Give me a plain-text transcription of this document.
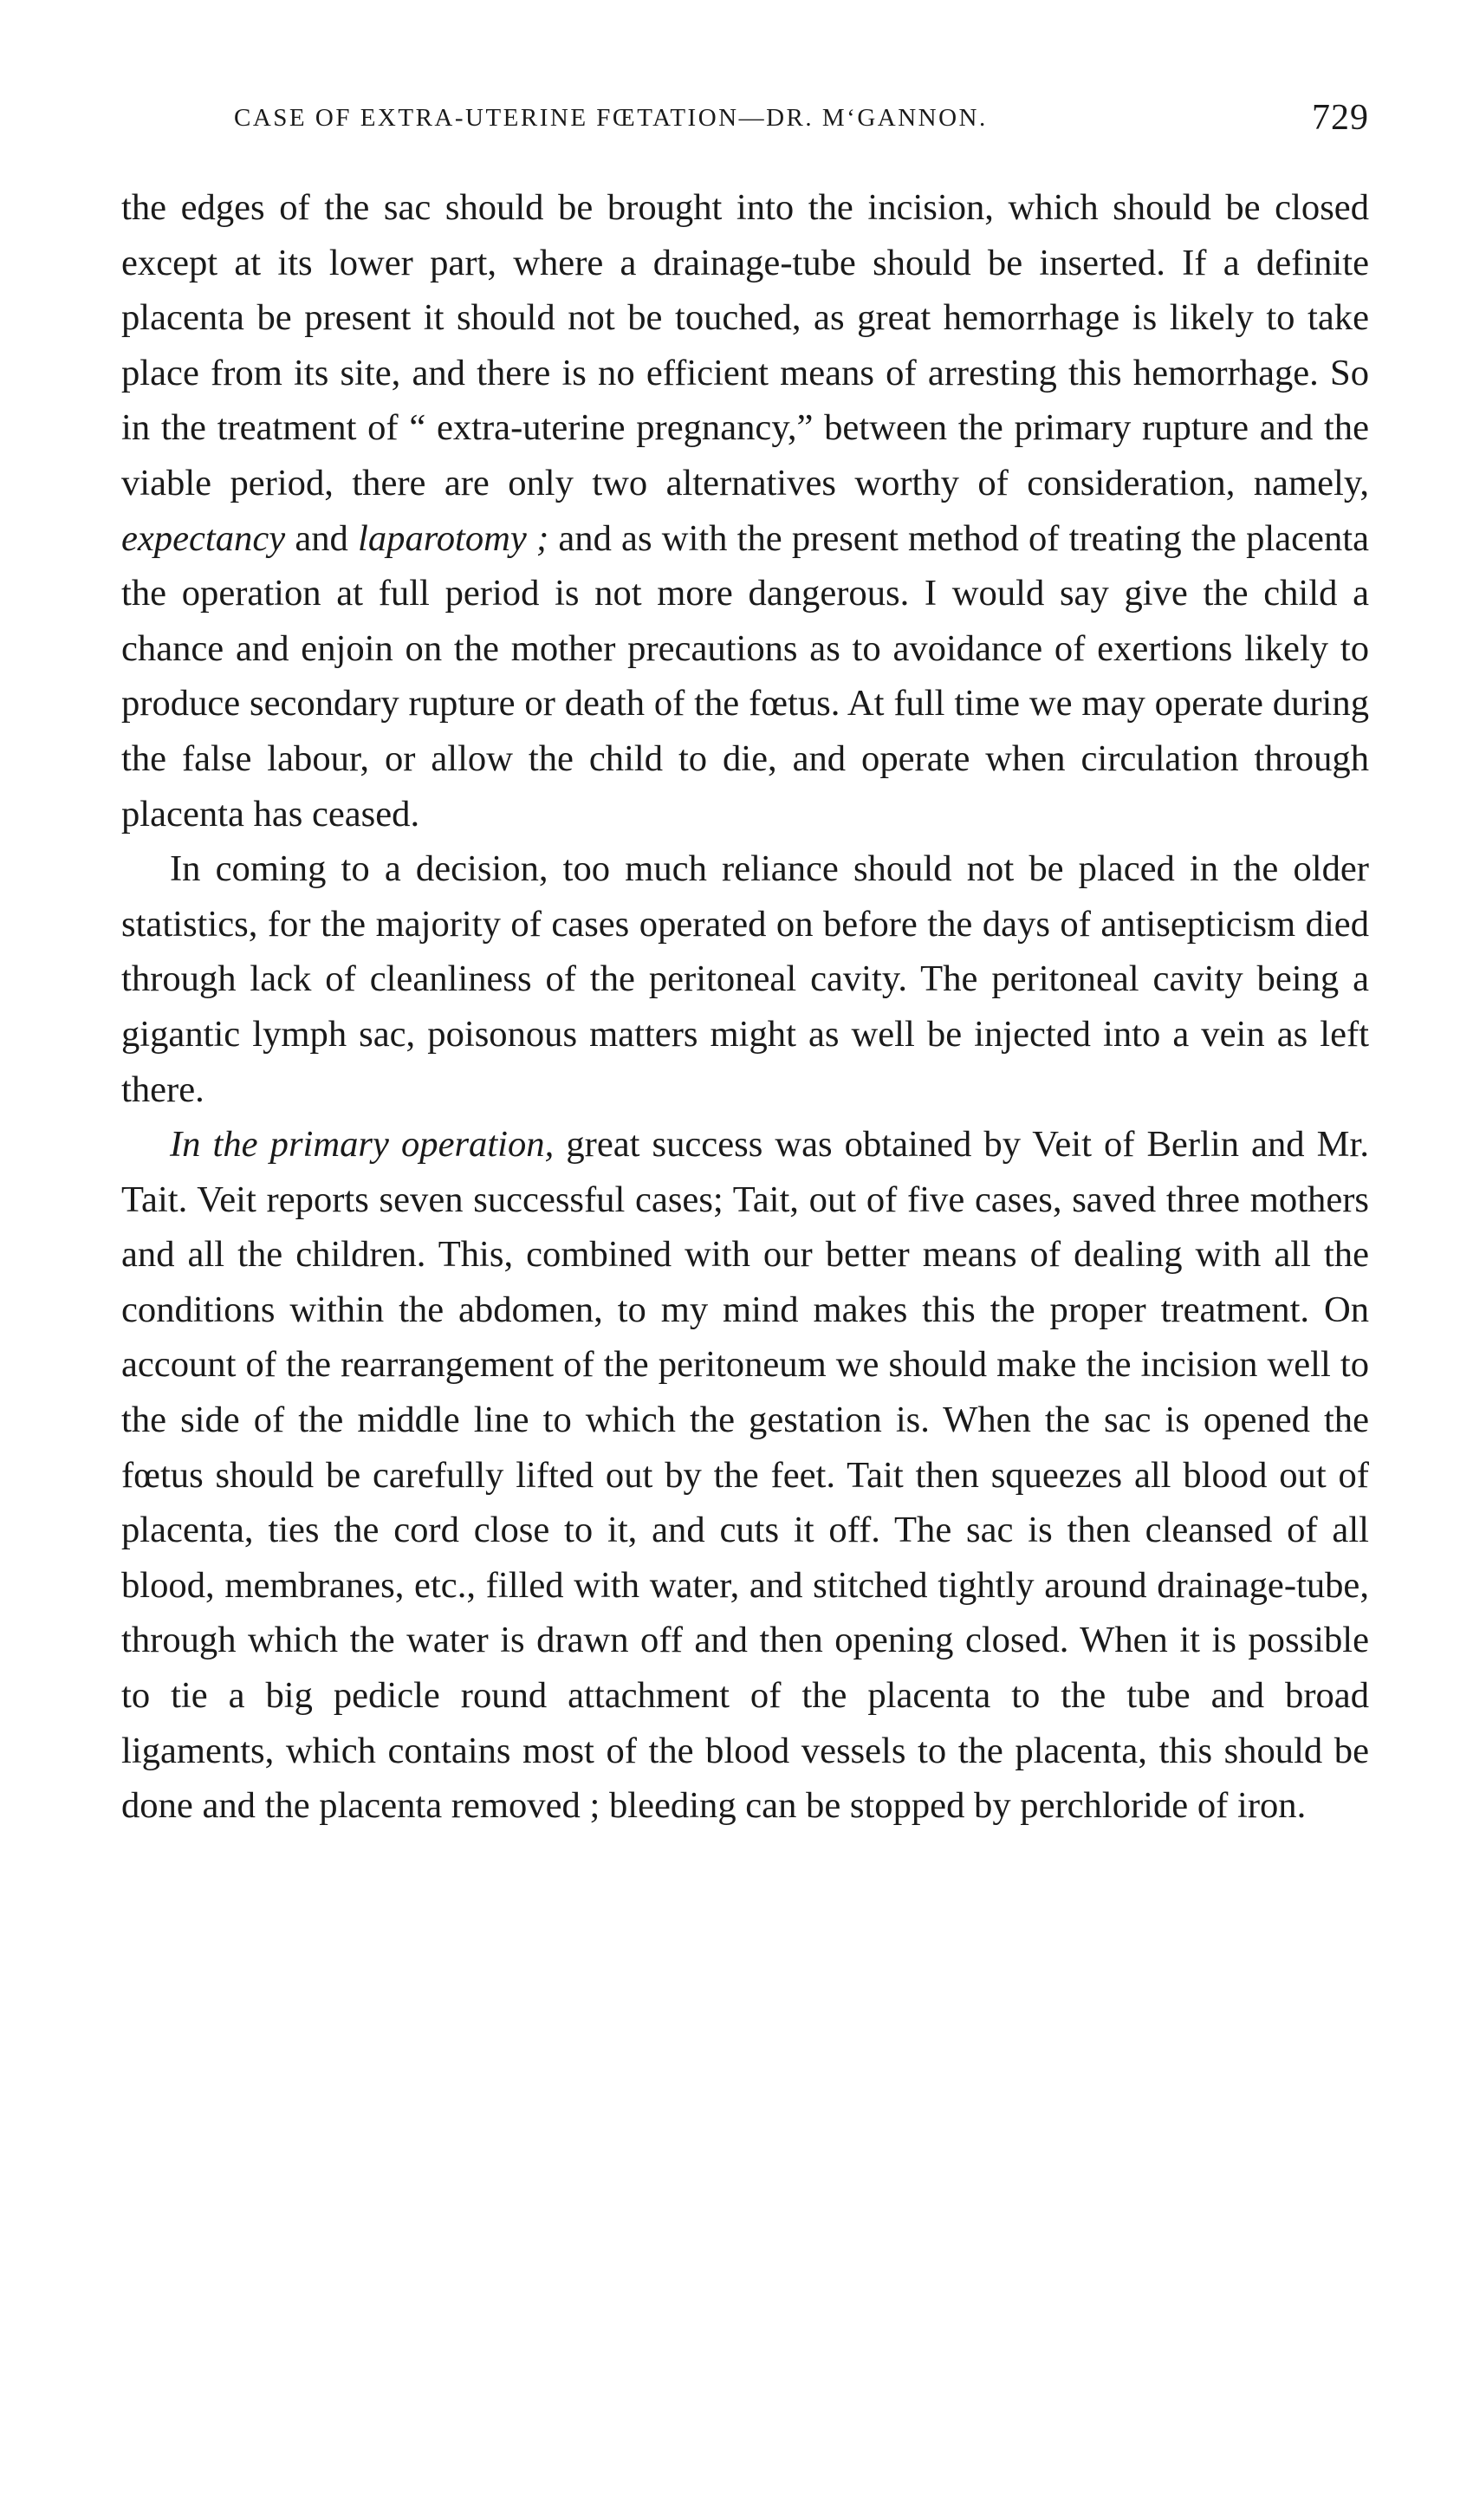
CASE OF EXTRA-UTERINE FŒTATION—DR. M‘GANNON.	729

the edges of the sac should be brought into the incision, which should be closed except at its lower part, where a drainage-tube should be inserted. If a definite placenta be present it should not be touched, as great hemorrhage is likely to take place from its site, and there is no efficient means of arresting this hemorrhage. So in the treatment of “ extra-uterine pregnancy,” between the primary rupture and the viable period, there are only two alternatives worthy of consideration, namely, expectancy and laparotomy ; and as with the present method of treating the placenta the operation at full period is not more dangerous. I would say give the child a chance and enjoin on the mother precautions as to avoidance of exertions likely to produce secondary rupture or death of the fœtus. At full time we may operate during the false labour, or allow the child to die, and operate when circulation through placenta has ceased.

In coming to a decision, too much reliance should not be placed in the older statistics, for the majority of cases operated on before the days of antisepticism died through lack of cleanliness of the peritoneal cavity. The peritoneal cavity being a gigantic lymph sac, poisonous matters might as well be injected into a vein as left there.

In the primary operation, great success was obtained by Veit of Berlin and Mr. Tait. Veit reports seven successful cases; Tait, out of five cases, saved three mothers and all the children. This, combined with our better means of dealing with all the conditions within the abdomen, to my mind makes this the proper treatment. On account of the rearrangement of the peritoneum we should make the incision well to the side of the middle line to which the gestation is. When the sac is opened the fœtus should be carefully lifted out by the feet. Tait then squeezes all blood out of placenta, ties the cord close to it, and cuts it off. The sac is then cleansed of all blood, membranes, etc., filled with water, and stitched tightly around drainage-tube, through which the water is drawn off and then opening closed. When it is possible to tie a big pedicle round attachment of the placenta to the tube and broad ligaments, which contains most of the blood vessels to the placenta, this should be done and the placenta removed ; bleeding can be stopped by perchloride of iron.
